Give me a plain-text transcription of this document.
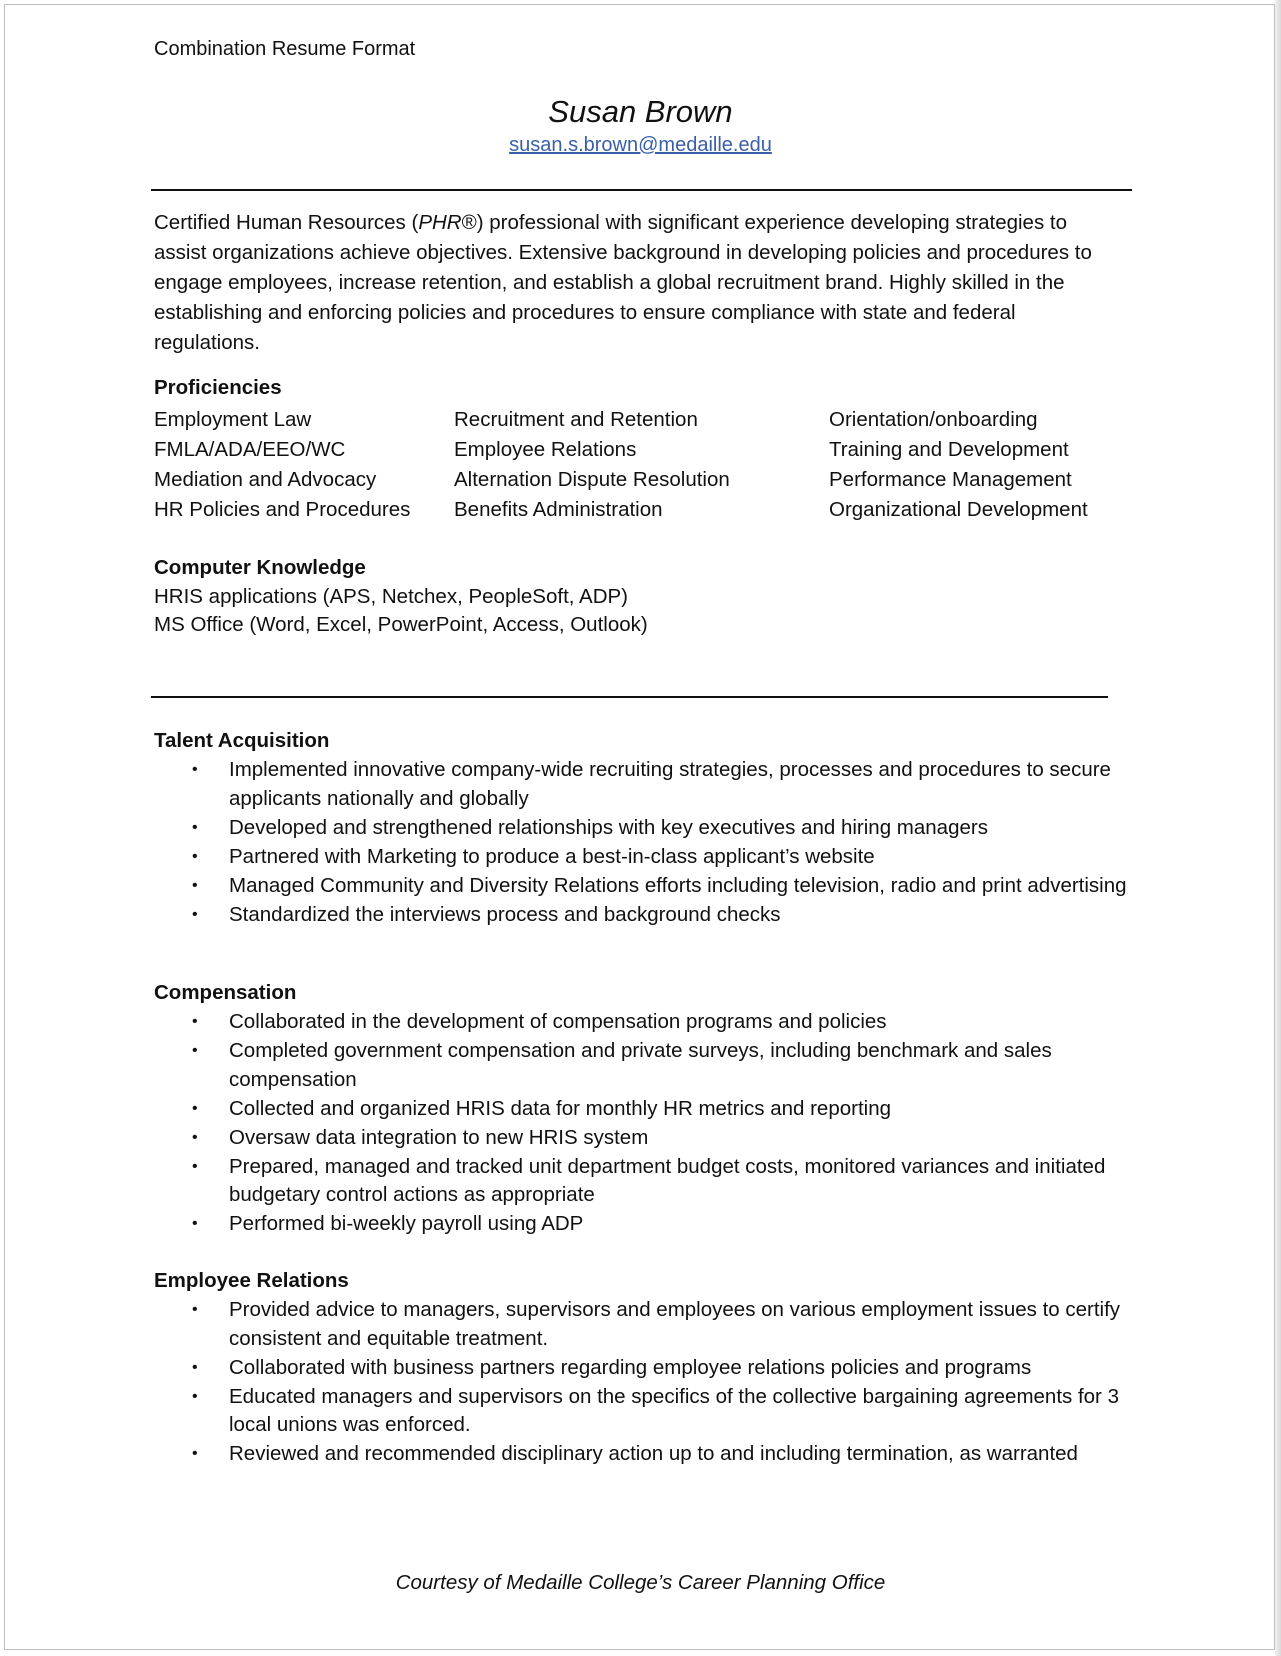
Combination Resume Format
Susan Brown
susan.s.brown@medaille.edu
Certified Human Resources (PHR®) professional with significant experience developing strategies to assist organizations achieve objectives. Extensive background in developing policies and procedures to engage employees, increase retention, and establish a global recruitment brand. Highly skilled in the establishing and enforcing policies and procedures to ensure compliance with state and federal regulations.
Proficiencies
Employment Law
FMLA/ADA/EEO/WC
Mediation and Advocacy
HR Policies and Procedures
Recruitment and Retention
Employee Relations
Alternation Dispute Resolution
Benefits Administration
Orientation/onboarding
Training and Development
Performance Management
Organizational Development
Computer Knowledge
HRIS applications (APS, Netchex, PeopleSoft, ADP)
MS Office (Word, Excel, PowerPoint, Access, Outlook)
Talent Acquisition
• Implemented innovative company-wide recruiting strategies, processes and procedures to secure applicants nationally and globally
• Developed and strengthened relationships with key executives and hiring managers
• Partnered with Marketing to produce a best-in-class applicant’s website
• Managed Community and Diversity Relations efforts including television, radio and print advertising
• Standardized the interviews process and background checks
Compensation
• Collaborated in the development of compensation programs and policies
• Completed government compensation and private surveys, including benchmark and sales compensation
• Collected and organized HRIS data for monthly HR metrics and reporting
• Oversaw data integration to new HRIS system
• Prepared, managed and tracked unit department budget costs, monitored variances and initiated budgetary control actions as appropriate
• Performed bi-weekly payroll using ADP
Employee Relations
• Provided advice to managers, supervisors and employees on various employment issues to certify consistent and equitable treatment.
• Collaborated with business partners regarding employee relations policies and programs
• Educated managers and supervisors on the specifics of the collective bargaining agreements for 3 local unions was enforced.
• Reviewed and recommended disciplinary action up to and including termination, as warranted
Courtesy of Medaille College’s Career Planning Office
